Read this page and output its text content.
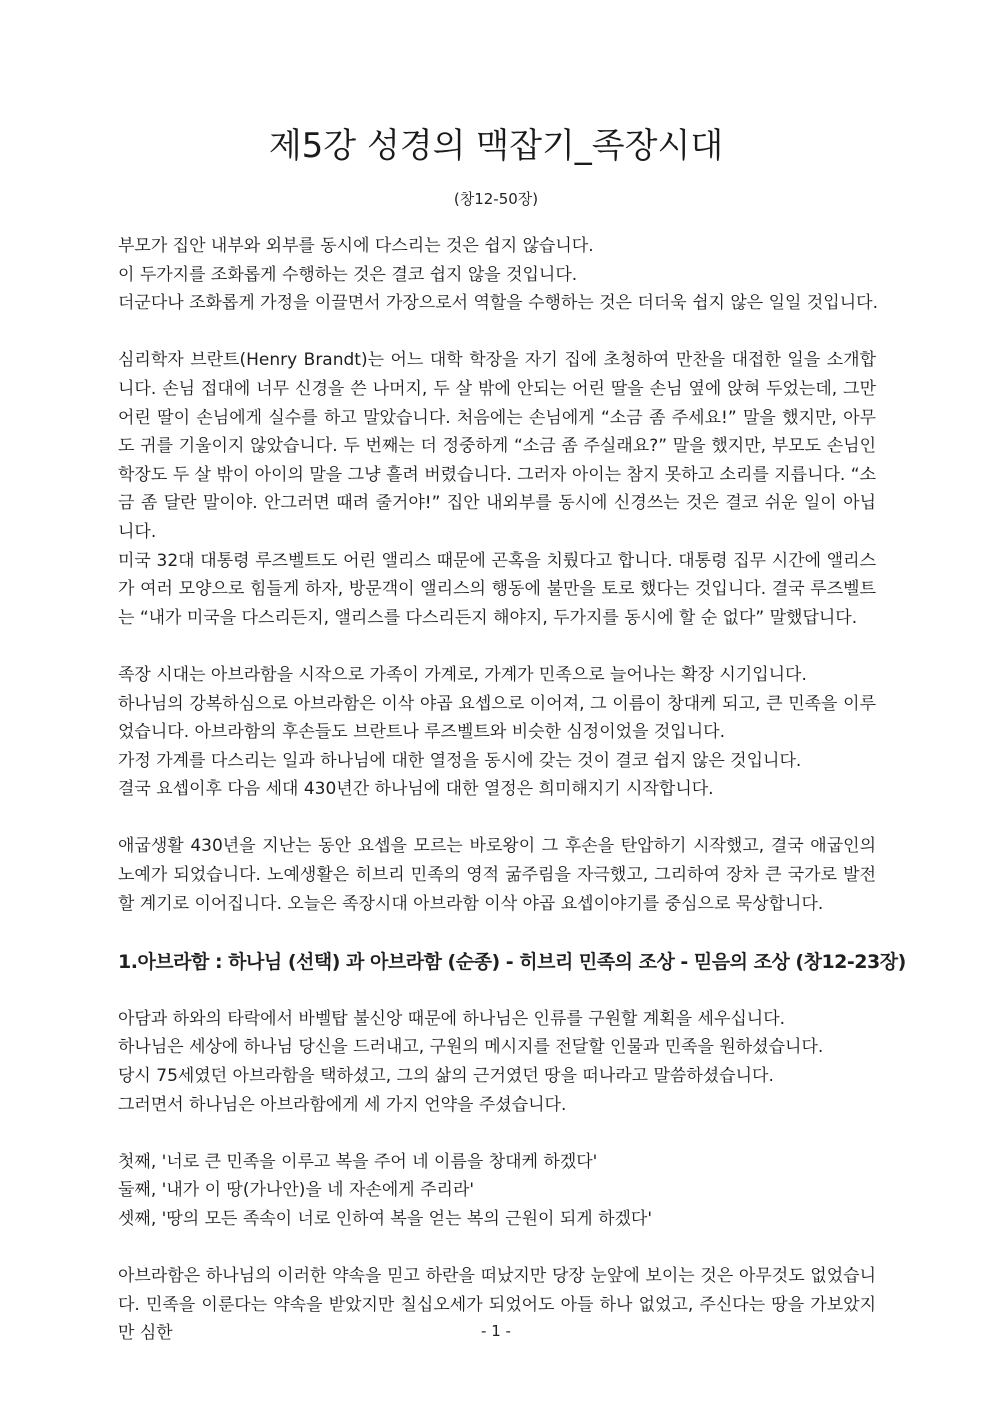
제5강 성경의 맥잡기_족장시대
(창12-50장)
부모가 집안 내부와 외부를 동시에 다스리는 것은 쉽지 않습니다.
이 두가지를 조화롭게 수행하는 것은 결코 쉽지 않을 것입니다.
더군다나 조화롭게 가정을 이끌면서 가장으로서 역할을 수행하는 것은 더더욱 쉽지 않은 일일 것입니다.
심리학자 브란트(Henry Brandt)는 어느 대학 학장을 자기 집에 초청하여 만찬을 대접한 일을 소개합니다. 손님 접대에 너무 신경을 쓴 나머지, 두 살 밖에 안되는 어린 딸을 손님 옆에 앉혀 두었는데, 그만 어린 딸이 손님에게 실수를 하고 말았습니다. 처음에는 손님에게 “소금 좀 주세요!” 말을 했지만, 아무도 귀를 기울이지 않았습니다. 두 번째는 더 정중하게 “소금 좀 주실래요?” 말을 했지만, 부모도 손님인 학장도 두 살 밖이 아이의 말을 그냥 흘려 버렸습니다. 그러자 아이는 참지 못하고 소리를 지릅니다. “소금 좀 달란 말이야. 안그러면 때려 줄거야!” 집안 내외부를 동시에 신경쓰는 것은 결코 쉬운 일이 아닙니다.
미국 32대 대통령 루즈벨트도 어린 앨리스 때문에 곤혹을 치뤘다고 합니다. 대통령 집무 시간에 앨리스가 여러 모양으로 힘들게 하자, 방문객이 앨리스의 행동에 불만을 토로 했다는 것입니다. 결국 루즈벨트는 “내가 미국을 다스리든지, 앨리스를 다스리든지 해야지, 두가지를 동시에 할 순 없다” 말했답니다.
족장 시대는 아브라함을 시작으로 가족이 가계로, 가계가 민족으로 늘어나는 확장 시기입니다.
하나님의 강복하심으로 아브라함은 이삭 야곱 요셉으로 이어져, 그 이름이 창대케 되고, 큰 민족을 이루었습니다. 아브라함의 후손들도 브란트나 루즈벨트와 비슷한 심정이었을 것입니다.
가정 가계를 다스리는 일과 하나님에 대한 열정을 동시에 갖는 것이 결코 쉽지 않은 것입니다.
결국 요셉이후 다음 세대 430년간 하나님에 대한 열정은 희미해지기 시작합니다.
애굽생활 430년을 지난는 동안 요셉을 모르는 바로왕이 그 후손을 탄압하기 시작했고, 결국 애굽인의 노예가 되었습니다. 노예생활은 히브리 민족의 영적 굶주림을 자극했고, 그리하여 장차 큰 국가로 발전할 계기로 이어집니다. 오늘은 족장시대 아브라함 이삭 야곱 요셉이야기를 중심으로 묵상합니다.
1.아브라함 : 하나님 (선택) 과 아브라함 (순종) - 히브리 민족의 조상 - 믿음의 조상 (창12-23장)
아담과 하와의 타락에서 바벨탑 불신앙 때문에 하나님은 인류를 구원할 계획을 세우십니다.
하나님은 세상에 하나님 당신을 드러내고, 구원의 메시지를 전달할 인물과 민족을 원하셨습니다.
당시 75세였던 아브라함을 택하셨고, 그의 삶의 근거였던 땅을 떠나라고 말씀하셨습니다.
그러면서 하나님은 아브라함에게 세 가지 언약을 주셨습니다.
첫째, '너로 큰 민족을 이루고 복을 주어 네 이름을 창대케 하겠다'
둘째, '내가 이 땅(가나안)을 네 자손에게 주리라'
셋째, '땅의 모든 족속이 너로 인하여 복을 얻는 복의 근원이 되게 하겠다'
아브라함은 하나님의 이러한 약속을 믿고 하란을 떠났지만 당장 눈앞에 보이는 것은 아무것도 없었습니다. 민족을 이룬다는 약속을 받았지만 칠십오세가 되었어도 아들 하나 없었고, 주신다는 땅을 가보았지만 심한	- 1 -
